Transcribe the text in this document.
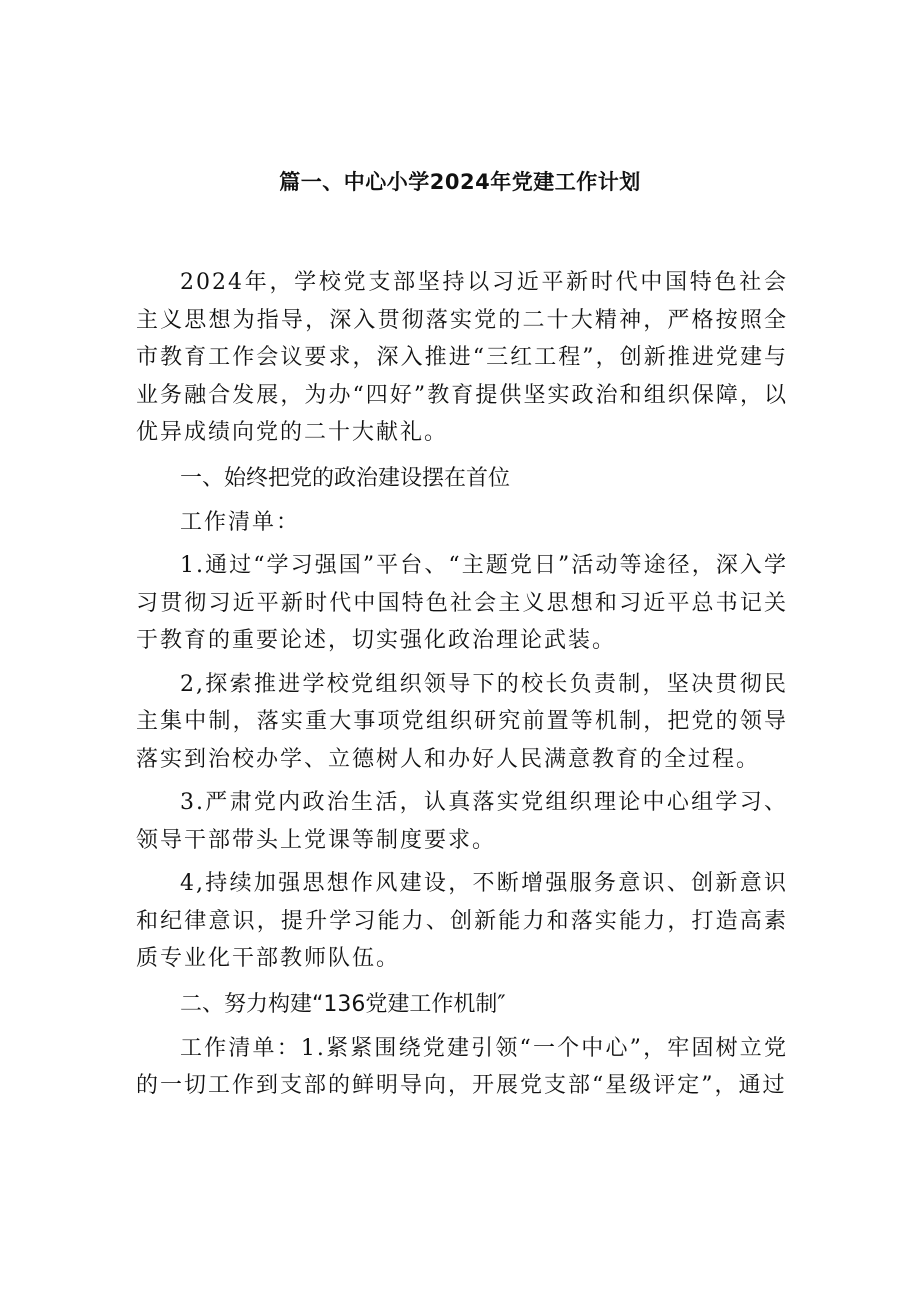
篇一、中心小学2024年党建工作计划

2024年，学校党支部坚持以习近平新时代中国特色社会主义思想为指导，深入贯彻落实党的二十大精神，严格按照全市教育工作会议要求，深入推进“三红工程”，创新推进党建与业务融合发展，为办“四好”教育提供坚实政治和组织保障，以优异成绩向党的二十大献礼。

一、始终把党的政治建设摆在首位

工作清单：

1.通过“学习强国”平台、“主题党日”活动等途径，深入学习贯彻习近平新时代中国特色社会主义思想和习近平总书记关于教育的重要论述，切实强化政治理论武装。

2,探索推进学校党组织领导下的校长负责制，坚决贯彻民主集中制，落实重大事项党组织研究前置等机制，把党的领导落实到治校办学、立德树人和办好人民满意教育的全过程。

3.严肃党内政治生活，认真落实党组织理论中心组学习、领导干部带头上党课等制度要求。

4,持续加强思想作风建设，不断增强服务意识、创新意识和纪律意识，提升学习能力、创新能力和落实能力，打造高素质专业化干部教师队伍。

二、努力构建“136党建工作机制″

工作清单：1.紧紧围绕党建引领“一个中心”，牢固树立党的一切工作到支部的鲜明导向，开展党支部“星级评定”，通过
